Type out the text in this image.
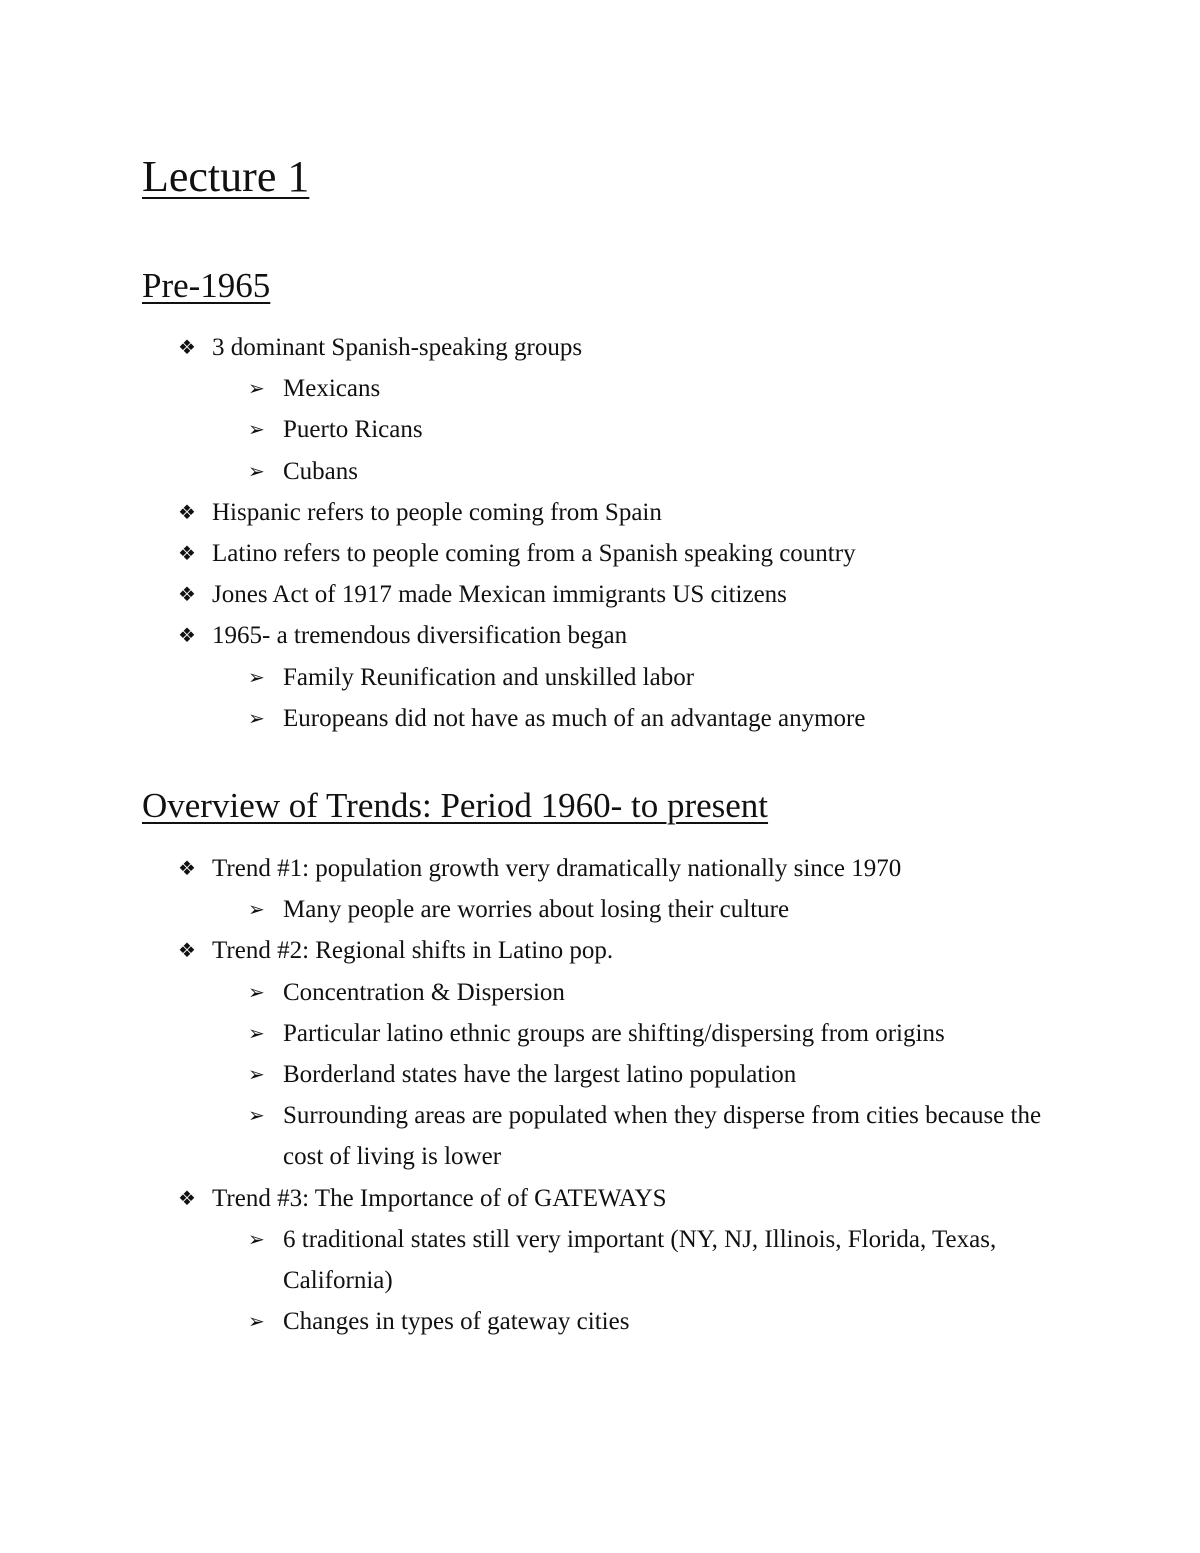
Lecture 1
Pre-1965
❖ 3 dominant Spanish-speaking groups
➢ Mexicans
➢ Puerto Ricans
➢ Cubans
❖ Hispanic refers to people coming from Spain
❖ Latino refers to people coming from a Spanish speaking country
❖ Jones Act of 1917 made Mexican immigrants US citizens
❖ 1965- a tremendous diversification began
➢ Family Reunification and unskilled labor
➢ Europeans did not have as much of an advantage anymore
Overview of Trends: Period 1960- to present
❖ Trend #1: population growth very dramatically nationally since 1970
➢ Many people are worries about losing their culture
❖ Trend #2: Regional shifts in Latino pop.
➢ Concentration & Dispersion
➢ Particular latino ethnic groups are shifting/dispersing from origins
➢ Borderland states have the largest latino population
➢ Surrounding areas are populated when they disperse from cities because the cost of living is lower
❖ Trend #3: The Importance of of GATEWAYS
➢ 6 traditional states still very important (NY, NJ, Illinois, Florida, Texas, California)
➢ Changes in types of gateway cities
